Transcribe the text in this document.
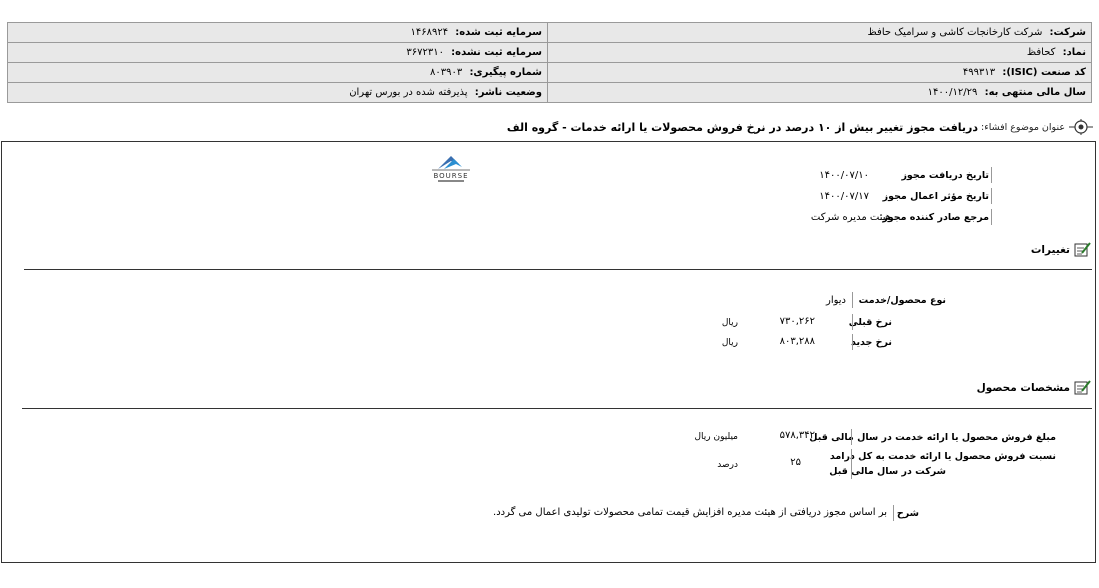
شرکت: شرکت کارخانجات کاشی و سرامیک حافظ	سرمایه ثبت شده: ۱۴۶۸۹۲۴
نماد: کحافظ	سرمایه ثبت نشده: ۳۶۷۲۳۱۰
کد صنعت (ISIC): ۴۹۹۳۱۳	شماره پیگیری: ۸۰۳۹۰۳
سال مالی منتهی به: ۱۴۰۰/۱۲/۲۹	وضعیت ناشر: پذیرفته شده در بورس تهران
عنوان موضوع افشاء:
دریافت مجوز تغییر بیش از ۱۰ درصد در نرخ فروش محصولات یا ارائه خدمات - گروه الف
BOURSE	تاریخ دریافت مجوز
۱۴۰۰/۰۷/۱۰
تاریخ مؤثر اعمال مجوز
۱۴۰۰/۰۷/۱۷
مرجع صادر کننده مجوز
هیئت مدیره شرکت
تغییرات
نوع محصول/خدمت
دیوار
نرخ قبلی
۷۳۰,۲۶۲
ریال
نرخ جدید
۸۰۳,۲۸۸
ریال
مشخصات محصول
مبلغ فروش محصول یا ارائه خدمت در سال مالی قبل
۵۷۸,۳۴۲
میلیون ریال
نسبت فروش محصول یا ارائه خدمت به کل درامد
شرکت در سال مالی قبل
۲۵
درصد
شرح
بر اساس مجوز دریافتی از هیئت مدیره افزایش قیمت تمامی محصولات تولیدی اعمال می گردد.
